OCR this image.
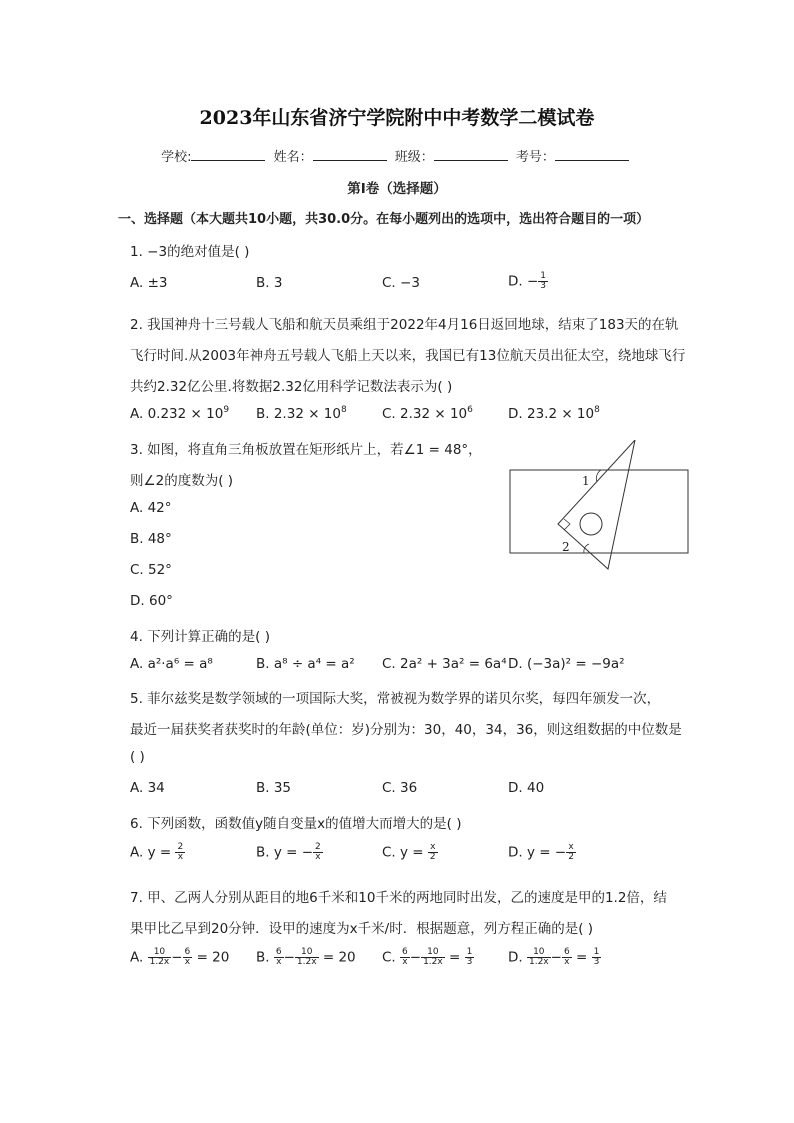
2023年山东省济宁学院附中中考数学二模试卷
学校:	姓名：	班级：	考号：
第Ⅰ卷（选择题）
一、选择题（本大题共10小题，共30.0分。在每小题列出的选项中，选出符合题目的一项）
1. −3的绝对值是( )
A. ±3	B. 3	C. −3	D. − $\frac{1}{3}$
2. 我国神舟十三号载人飞船和航天员乘组于2022年4月16日返回地球，结束了183天的在轨
飞行时间.从2003年神舟五号载人飞船上天以来，我国已有13位航天员出征太空，绕地球飞行
共约2.32亿公里.将数据2.32亿用科学记数法表示为( )
A. $0.232 \times 10^9$ B. $2.32 \times 10^8$	C. $2.32 \times 10^6$	D. $23.2 \times 10^8$
3. 如图，将直角三角板放置在矩形纸片上，若∠1 = 48°，
则∠2的度数为( )
A. 42°
B. 48°
C. 52°
D. 60°
1
2
4. 下列计算正确的是( )
A. a²·a⁶ = a⁸	B. a⁸ ÷ a⁴ = a² C. 2a² + 3a² = 6a⁴ D. (−3a)² = −9a²
5. 菲尔兹奖是数学领域的一项国际大奖，常被视为数学界的诺贝尔奖，每四年颁发一次，
最近一届获奖者获奖时的年龄(单位：岁)分别为：30，40，34，36，则这组数据的中位数是
( )
A. 34	B. 35	C. 36	D. 40
6. 下列函数，函数值y随自变量x的值增大而增大的是( )
A. $y = \frac{2}{x}$	B. y = − $\frac{2}{x}$	C. $y = \frac{x}{2}$	D. y = − $\frac{x}{2}$
7. 甲、乙两人分别从距目的地6千米和10千米的两地同时出发，乙的速度是甲的1.2倍，结
果甲比乙早到20分钟．设甲的速度为x千米/时．根据题意，列方程正确的是( )
A. $\frac{10}{1.2x} - \frac{6}{x} = 20$ B. $\frac{6}{x} - \frac{10}{1.2x} = 20$ C. $\frac{6}{x} - \frac{10}{1.2x} = \frac{1}{3}$	D. $\frac{10}{1.2x} - \frac{6}{x} = \frac{1}{3}$
